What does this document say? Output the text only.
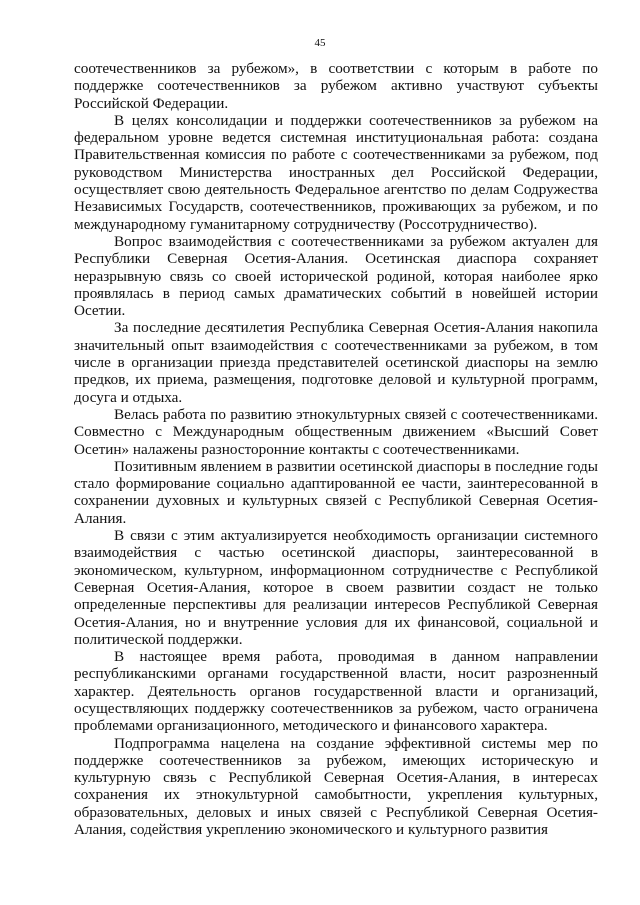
45

соотечественников за рубежом», в соответствии с которым в работе по поддержке соотечественников за рубежом активно участвуют субъекты Российской Федерации.

В целях консолидации и поддержки соотечественников за рубежом на федеральном уровне ведется системная институциональная работа: создана Правительственная комиссия по работе с соотечественниками за рубежом, под руководством Министерства иностранных дел Российской Федерации, осуществляет свою деятельность Федеральное агентство по делам Содружества Независимых Государств, соотечественников, проживающих за рубежом, и по международному гуманитарному сотрудничеству (Россотрудничество).

Вопрос взаимодействия с соотечественниками за рубежом актуален для Республики Северная Осетия-Алания. Осетинская диаспора сохраняет неразрывную связь со своей исторической родиной, которая наиболее ярко проявлялась в период самых драматических событий в новейшей истории Осетии.

За последние десятилетия Республика Северная Осетия-Алания накопила значительный опыт взаимодействия с соотечественниками за рубежом, в том числе в организации приезда представителей осетинской диаспоры на землю предков, их приема, размещения, подготовке деловой и культурной программ, досуга и отдыха.

Велась работа по развитию этнокультурных связей с соотечественниками. Совместно с Международным общественным движением «Высший Совет Осетин» налажены разносторонние контакты с соотечественниками.

Позитивным явлением в развитии осетинской диаспоры в последние годы стало формирование социально адаптированной ее части, заинтересованной в сохранении духовных и культурных связей с Республикой Северная Осетия-Алания.

В связи с этим актуализируется необходимость организации системного взаимодействия с частью осетинской диаспоры, заинтересованной в экономическом, культурном, информационном сотрудничестве с Республикой Северная Осетия-Алания, которое в своем развитии создаст не только определенные перспективы для реализации интересов Республикой Северная Осетия-Алания, но и внутренние условия для их финансовой, социальной и политической поддержки.

В настоящее время работа, проводимая в данном направлении республиканскими органами государственной власти, носит разрозненный характер. Деятельность органов государственной власти и организаций, осуществляющих поддержку соотечественников за рубежом, часто ограничена проблемами организационного, методического и финансового характера.

Подпрограмма нацелена на создание эффективной системы мер по поддержке соотечественников за рубежом, имеющих историческую и культурную связь с Республикой Северная Осетия-Алания, в интересах сохранения их этнокультурной самобытности, укрепления культурных, образовательных, деловых и иных связей с Республикой Северная Осетия-Алания, содействия укреплению экономического и культурного развития
